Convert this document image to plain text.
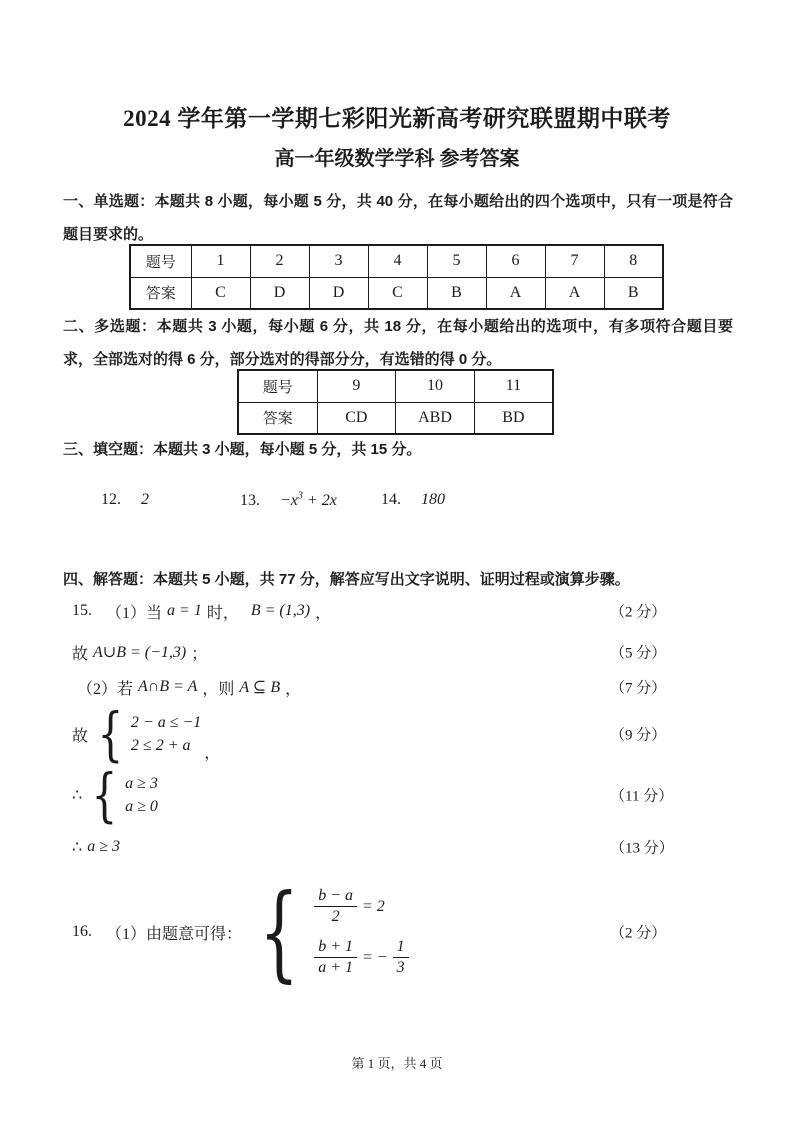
2024 学年第一学期七彩阳光新高考研究联盟期中联考
高一年级数学学科 参考答案
一、单选题：本题共 8 小题，每小题 5 分，共 40 分，在每小题给出的四个选项中，只有一项是符合题目要求的。
题号	1	2	3	4	5	6	7	8
答案	C	D	D	C	B	A	A	B
二、多选题：本题共 3 小题，每小题 6 分，共 18 分，在每小题给出的选项中，有多项符合题目要求，全部选对的得 6 分，部分选对的得部分分，有选错的得 0 分。
题号	9	10	11
答案	CD	ABD	BD
三、填空题：本题共 3 小题，每小题 5 分，共 15 分。
12. 2	13. $-x^3 + 2x$	14. 180
四、解答题：本题共 5 小题，共 77 分，解答应写出文字说明、证明过程或演算步骤。
15. （1）当 a = 1 时， B = (1,3) ，	（2 分）
故 A∪B = (−1,3) ；	（5 分）
（2）若 A∩B = A ，则 A ⊆ B ，	（7 分）
故 { 2 − a ≤ −1
2 ≤ 2 + a ，
（9 分）
∴ { a ≥ 3
a ≥ 0
（11 分）
∴ a ≥ 3	（13 分）
16. （1）由题意可得： { $\frac{b - a}{2} = 2$
$\frac{b + 1}{a + 1}$ = − $\frac{1}{3}$
（2 分）
第 1 页，共 4 页
